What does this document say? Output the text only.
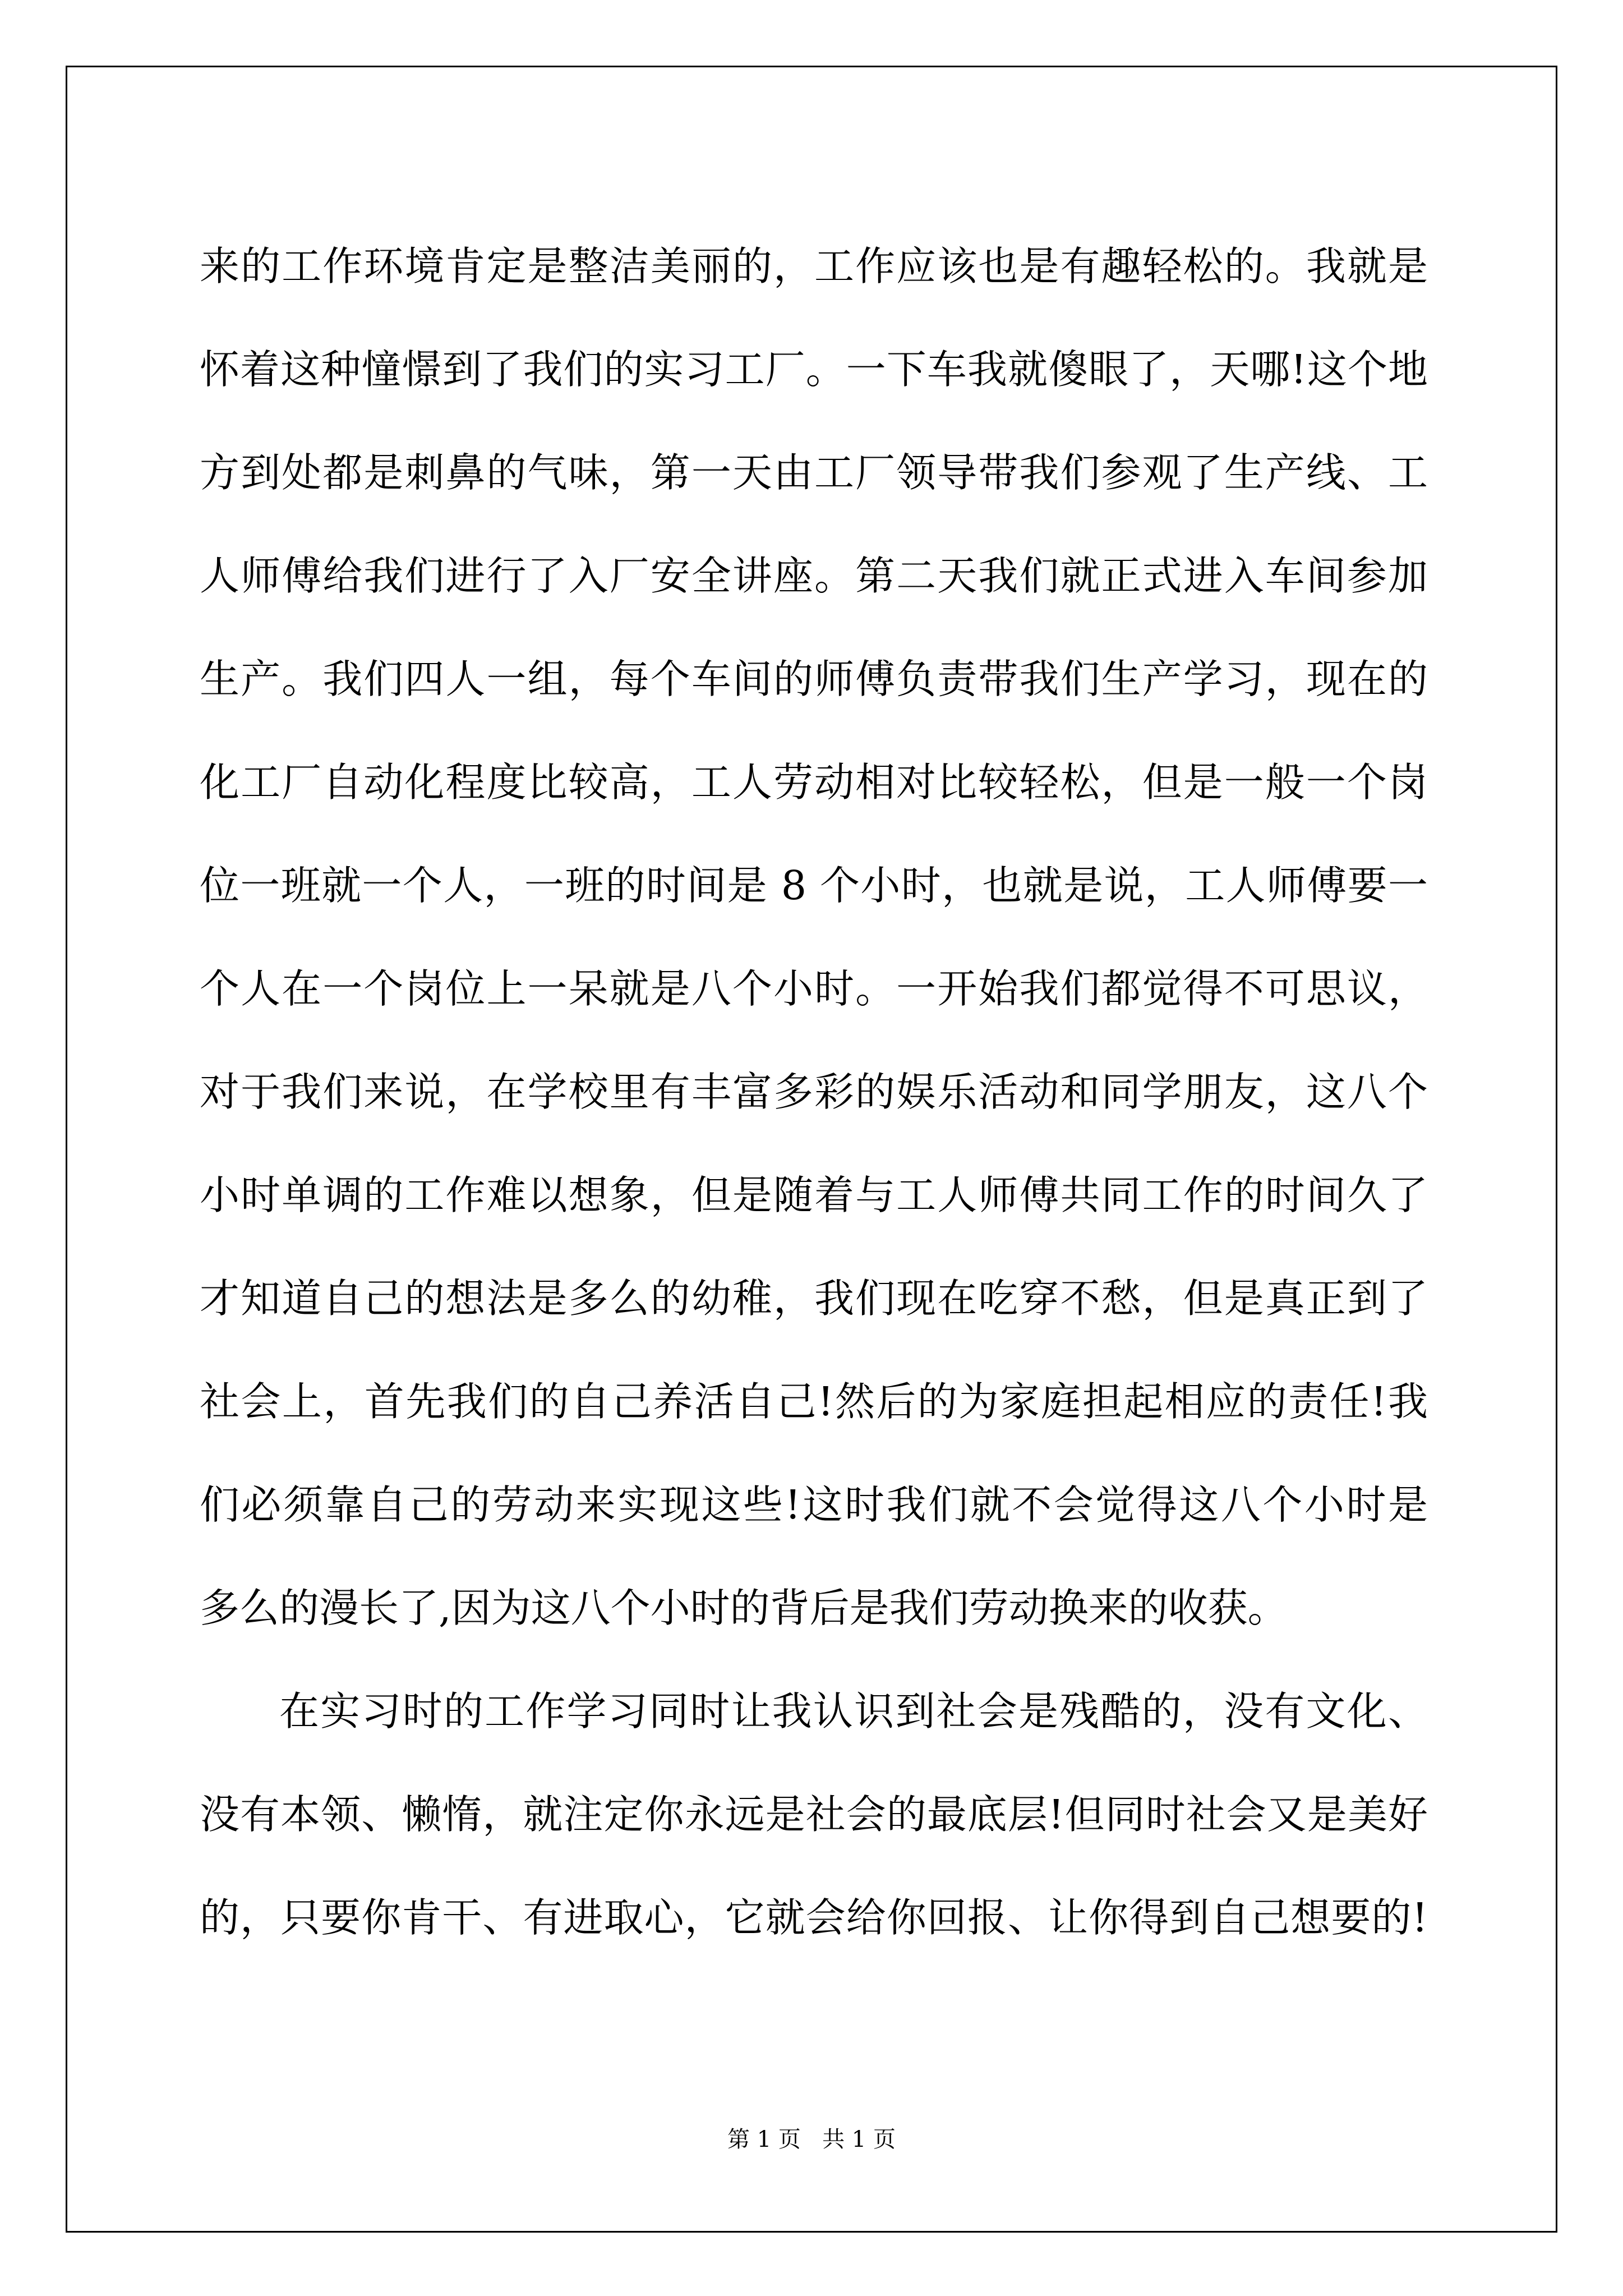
来的工作环境肯定是整洁美丽的，工作应该也是有趣轻松的。我就是
怀着这种憧憬到了我们的实习工厂。一下车我就傻眼了，天哪!这个地
方到处都是刺鼻的气味，第一天由工厂领导带我们参观了生产线、工
人师傅给我们进行了入厂安全讲座。第二天我们就正式进入车间参加
生产。我们四人一组，每个车间的师傅负责带我们生产学习，现在的
化工厂自动化程度比较高，工人劳动相对比较轻松，但是一般一个岗
位一班就一个人，一班的时间是 8 个小时，也就是说，工人师傅要一
个人在一个岗位上一呆就是八个小时。一开始我们都觉得不可思议，
对于我们来说，在学校里有丰富多彩的娱乐活动和同学朋友，这八个
小时单调的工作难以想象，但是随着与工人师傅共同工作的时间久了
才知道自己的想法是多么的幼稚，我们现在吃穿不愁，但是真正到了
社会上，首先我们的自己养活自己!然后的为家庭担起相应的责任!我
们必须靠自己的劳动来实现这些!这时我们就不会觉得这八个小时是
多么的漫长了,因为这八个小时的背后是我们劳动换来的收获。
在实习时的工作学习同时让我认识到社会是残酷的，没有文化、
没有本领、懒惰，就注定你永远是社会的最底层!但同时社会又是美好
的，只要你肯干、有进取心，它就会给你回报、让你得到自己想要的!
第 1 页 共 1 页
